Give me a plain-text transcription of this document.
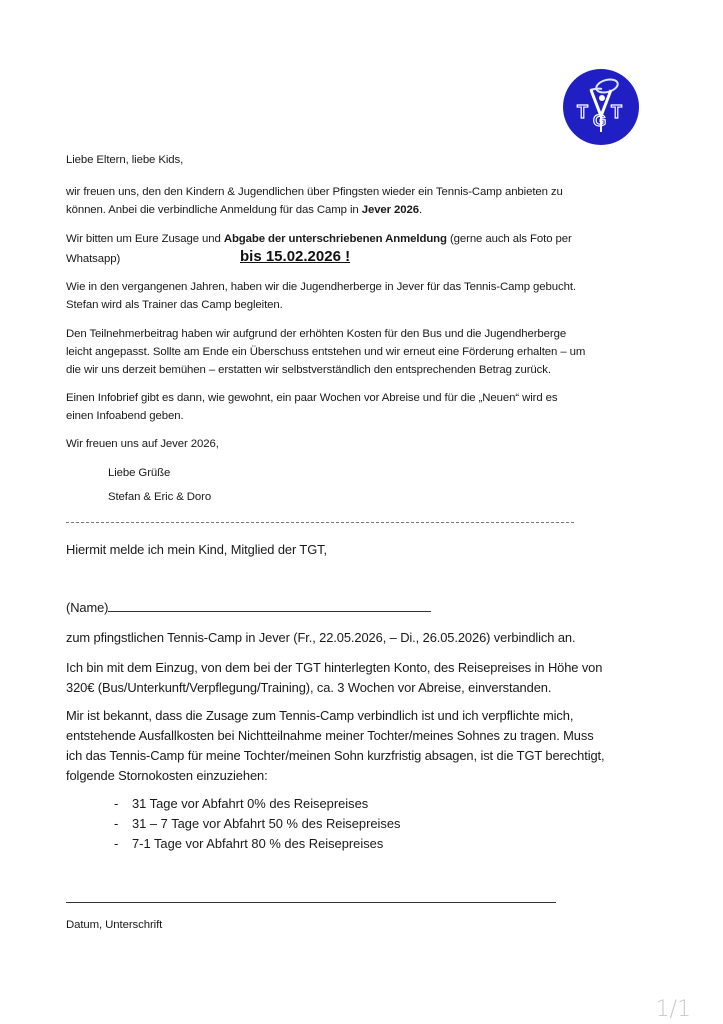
T G T
Liebe Eltern, liebe Kids,
wir freuen uns, den den Kindern & Jugendlichen über Pfingsten wieder ein Tennis-Camp anbieten zu
können. Anbei die verbindliche Anmeldung für das Camp in Jever 2026.
Wir bitten um Eure Zusage und Abgabe der unterschriebenen Anmeldung (gerne auch als Foto per
Whatsapp)	bis 15.02.2026 !
Wie in den vergangenen Jahren, haben wir die Jugendherberge in Jever für das Tennis-Camp gebucht.
Stefan wird als Trainer das Camp begleiten.
Den Teilnehmerbeitrag haben wir aufgrund der erhöhten Kosten für den Bus und die Jugendherberge
leicht angepasst. Sollte am Ende ein Überschuss entstehen und wir erneut eine Förderung erhalten – um
die wir uns derzeit bemühen – erstatten wir selbstverständlich den entsprechenden Betrag zurück.
Einen Infobrief gibt es dann, wie gewohnt, ein paar Wochen vor Abreise und für die „Neuen“ wird es
einen Infoabend geben.
Wir freuen uns auf Jever 2026,
Liebe Grüße
Stefan & Eric & Doro
Hiermit melde ich mein Kind, Mitglied der TGT,
(Name)
zum pfingstlichen Tennis-Camp in Jever (Fr., 22.05.2026, – Di., 26.05.2026) verbindlich an.
Ich bin mit dem Einzug, von dem bei der TGT hinterlegten Konto, des Reisepreises in Höhe von
320€ (Bus/Unterkunft/Verpflegung/Training), ca. 3 Wochen vor Abreise, einverstanden.
Mir ist bekannt, dass die Zusage zum Tennis-Camp verbindlich ist und ich verpflichte mich,
entstehende Ausfallkosten bei Nichtteilnahme meiner Tochter/meines Sohnes zu tragen. Muss
ich das Tennis-Camp für meine Tochter/meinen Sohn kurzfristig absagen, ist die TGT berechtigt,
folgende Stornokosten einzuziehen:
-	31 Tage vor Abfahrt 0% des Reisepreises
-	31 – 7 Tage vor Abfahrt 50 % des Reisepreises
-	7-1 Tage vor Abfahrt 80 % des Reisepreises
Datum, Unterschrift
1/1
